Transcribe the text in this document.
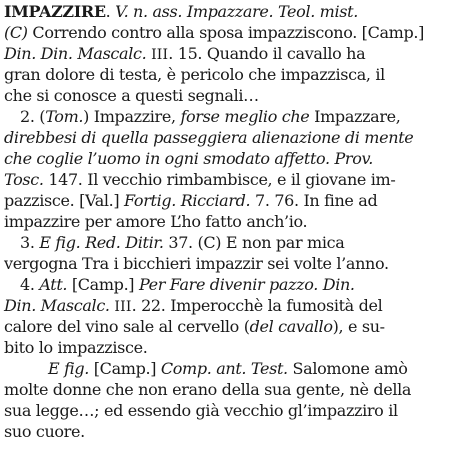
IMPAZZIRE. V. n. ass. Impazzare. Teol. mist.
(C) Correndo contro alla sposa impazziscono. [Camp.]
Din. Din. Mascalc. III. 15. Quando il cavallo ha
gran dolore di testa, è pericolo che impazzisca, il
che si conosce a questi segnali…
2. (Tom.) Impazzire, forse meglio che Impazzare,
direbbesi di quella passeggiera alienazione di mente
che coglie l’uomo in ogni smodato affetto. Prov.
Tosc. 147. Il vecchio rimbambisce, e il giovane im-
pazzisce. [Val.] Fortig. Ricciard. 7. 76. In fine ad
impazzire per amore L’ho fatto anch’io.
3. E fig. Red. Ditir. 37. (C) E non par mica
vergogna Tra i bicchieri impazzir sei volte l’anno.
4. Att. [Camp.] Per Fare divenir pazzo. Din.
Din. Mascalc. III. 22. Imperocchè la fumosità del
calore del vino sale al cervello (del cavallo), e su-
bito lo impazzisce.
E fig. [Camp.] Comp. ant. Test. Salomone amò
molte donne che non erano della sua gente, nè della
sua legge…; ed essendo già vecchio gl’impazziro il
suo cuore.
